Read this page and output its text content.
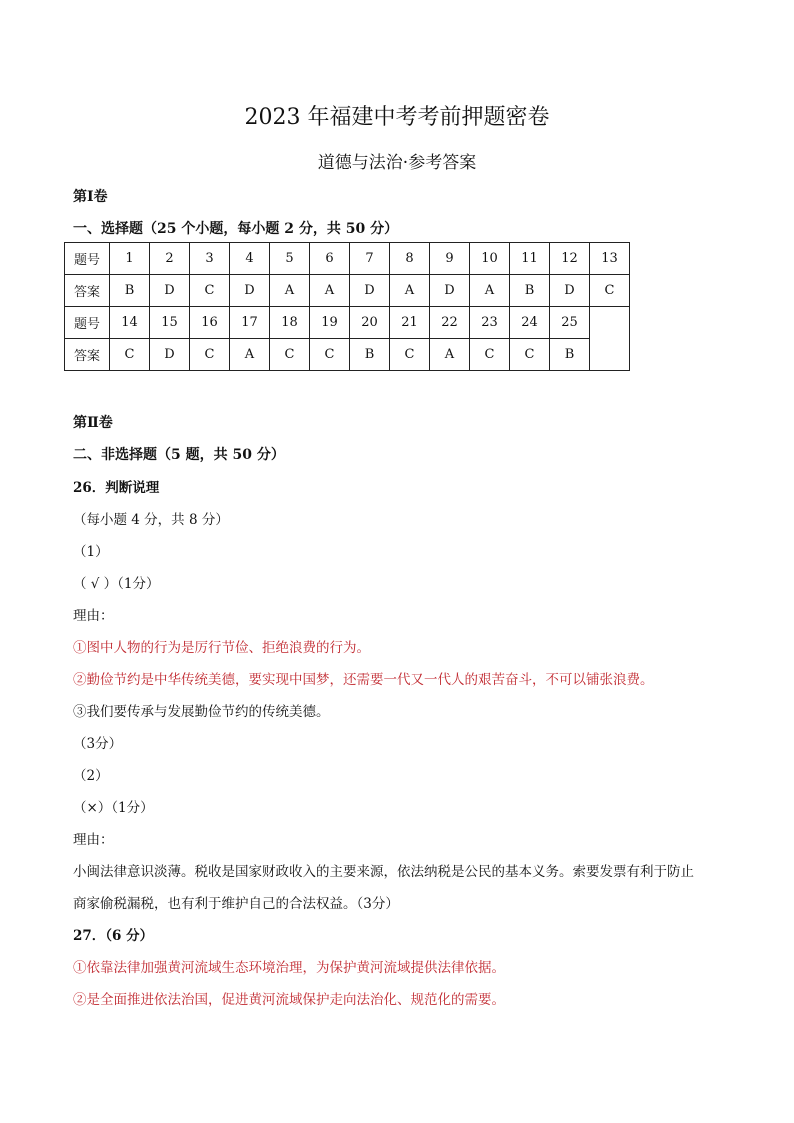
2023 年福建中考考前押题密卷
道德与法治·参考答案
第Ⅰ卷
一、选择题（25 个小题，每小题 2 分，共 50 分）
题号	1	2	3	4	5	6	7	8	9	10	11	12	13
答案	B	D	C	D	A	A	D	A	D	A	B	D	C
题号	14	15	16	17	18	19	20	21	22	23	24	25	
答案	C	D	C	A	C	C	B	C	A	C	C	B	
第Ⅱ卷
二、非选择题（5 题，共 50 分）
26．判断说理
（每小题 4 分，共 8 分）
（1）
（ √ ）（1分）
理由：
①图中人物的行为是厉行节俭、拒绝浪费的行为。
②勤俭节约是中华传统美德，要实现中国梦，还需要一代又一代人的艰苦奋斗，不可以铺张浪费。
③我们要传承与发展勤俭节约的传统美德。
（3分）
（2）
（×）（1分）
理由：
小闽法律意识淡薄。税收是国家财政收入的主要来源，依法纳税是公民的基本义务。索要发票有利于防止
商家偷税漏税，也有利于维护自己的合法权益。（3分）
27．（6 分）
①依靠法律加强黄河流域生态环境治理，为保护黄河流域提供法律依据。
②是全面推进依法治国，促进黄河流域保护走向法治化、规范化的需要。
